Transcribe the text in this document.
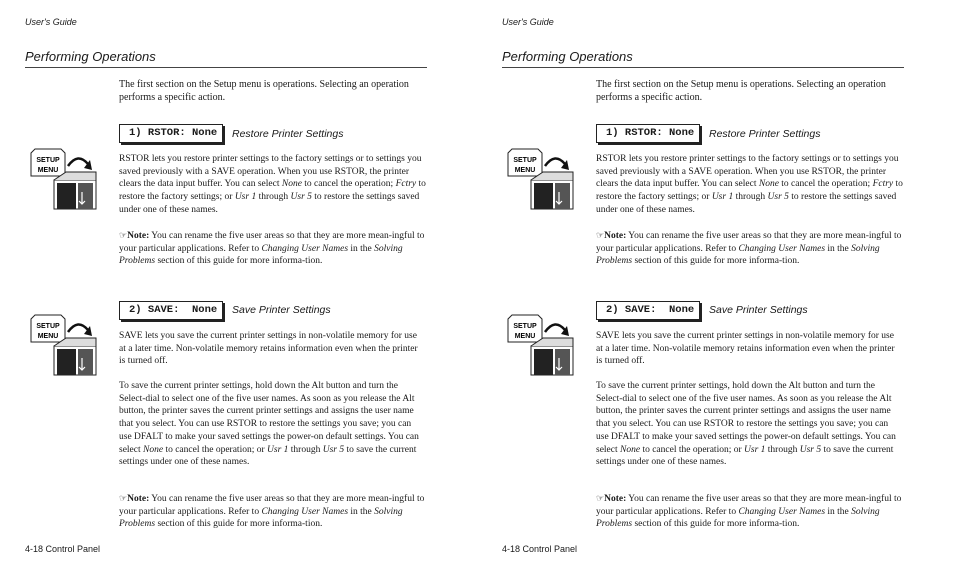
User's Guide
Performing Operations

The first section on the Setup menu is operations. Selecting an operation performs a specific action.

SETUP
MENU
1) RSTOR: None	Restore Printer Settings

RSTOR lets you restore printer settings to the factory settings or to settings you saved previously with a SAVE operation. When you use RSTOR, the printer clears the data input buffer. You can select None to cancel the operation; Fctry to restore the factory settings; or Usr 1 through Usr 5 to restore the settings saved under one of these names.

☞Note: You can rename the five user areas so that they are more mean-ingful to your particular applications. Refer to Changing User Names in the Solving Problems section of this guide for more informa-tion.

SETUP
MENU
2) SAVE:  None	Save Printer Settings

SAVE lets you save the current printer settings in non-volatile memory for use at a later time. Non-volatile memory retains information even when the printer is turned off.

To save the current printer settings, hold down the Alt button and turn the Select-dial to select one of the five user names. As soon as you release the Alt button, the printer saves the current printer settings and assigns the user name that you select. You can use RSTOR to restore the settings you save; you can use DFALT to make your saved settings the power-on default settings. You can select None to cancel the operation; or Usr 1 through Usr 5 to save the current settings under one of these names.

☞Note: You can rename the five user areas so that they are more mean-ingful to your particular applications. Refer to Changing User Names in the Solving Problems section of this guide for more informa-tion.

4-18 Control Panel
User's Guide
Performing Operations

The first section on the Setup menu is operations. Selecting an operation performs a specific action.

SETUP
MENU
1) RSTOR: None	Restore Printer Settings

RSTOR lets you restore printer settings to the factory settings or to settings you saved previously with a SAVE operation. When you use RSTOR, the printer clears the data input buffer. You can select None to cancel the operation; Fctry to restore the factory settings; or Usr 1 through Usr 5 to restore the settings saved under one of these names.

☞Note: You can rename the five user areas so that they are more mean-ingful to your particular applications. Refer to Changing User Names in the Solving Problems section of this guide for more informa-tion.

SETUP
MENU
2) SAVE:  None	Save Printer Settings

SAVE lets you save the current printer settings in non-volatile memory for use at a later time. Non-volatile memory retains information even when the printer is turned off.

To save the current printer settings, hold down the Alt button and turn the Select-dial to select one of the five user names. As soon as you release the Alt button, the printer saves the current printer settings and assigns the user name that you select. You can use RSTOR to restore the settings you save; you can use DFALT to make your saved settings the power-on default settings. You can select None to cancel the operation; or Usr 1 through Usr 5 to save the current settings under one of these names.

☞Note: You can rename the five user areas so that they are more mean-ingful to your particular applications. Refer to Changing User Names in the Solving Problems section of this guide for more informa-tion.

4-18 Control Panel
